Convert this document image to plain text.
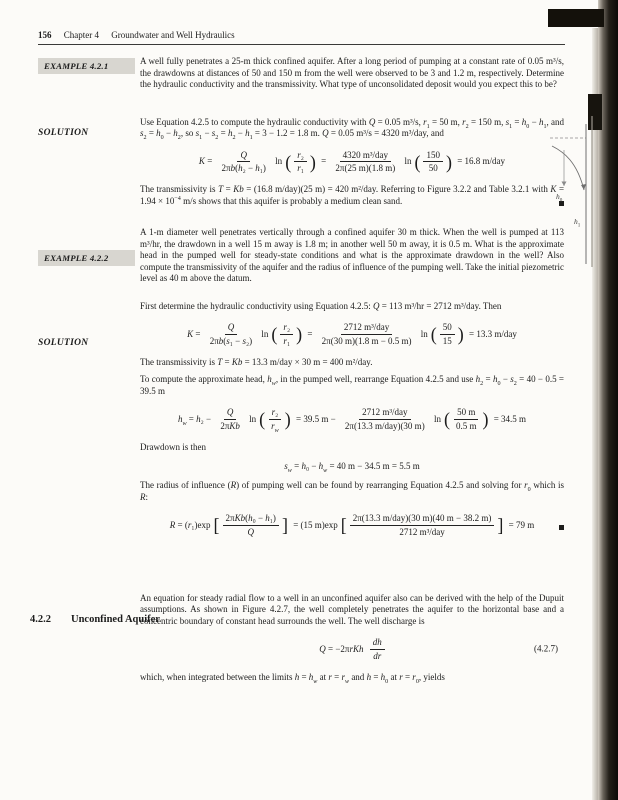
156 Chapter 4 Groundwater and Well Hydraulics
EXAMPLE 4.2.1
SOLUTION
EXAMPLE 4.2.2
SOLUTION
4.2.2 Unconfined Aquifer

A well fully penetrates a 25-m thick confined aquifer. After a long period of pumping at a constant rate of 0.05 m³/s, the drawdowns at distances of 50 and 150 m from the well were observed to be 3 and 1.2 m, respectively. Determine the hydraulic conductivity and the transmissivity. What type of unconsolidated deposit would you expect this to be?

Use Equation 4.2.5 to compute the hydraulic conductivity with Q = 0.05 m³/s, $r_1 = 50$ m, $r_2 = 150$ m, $s_1 = h_0 - h_1$, and $s_2 = h_0 - h_2$, so $s_1 - s_2 = h_2 - h_1 = 3 - 1.2 = 1.8$ m. Q = 0.05 m³/s = 4320 m³/day, and

$K = \frac{Q}{\text{2πb(h₂ − h₁)}}$ ln ( $\frac{\text{r₂}}{\text{r₁}}$ ) = $\frac{\text{4320 m³/day}}{2\pi(25 m)(1.8 m)}$ ln ( $\frac{150}{50}$ ) = 16.8 m/day

The transmissivity is T = Kb = (16.8 m/day)(25 m) = 420 m²/day. Referring to Figure 3.2.2 and Table 3.2.1 with $K = 1.94 \times 10^{-4}$ m/s shows that this aquifer is probably a medium clean sand.

A 1-m diameter well penetrates vertically through a confined aquifer 30 m thick. When the well is pumped at 113 m³/hr, the drawdown in a well 15 m away is 1.8 m; in another well 50 m away, it is 0.5 m. What is the approximate head in the pumped well for steady-state conditions and what is the approximate drawdown in the well? Also compute the transmissivity of the aquifer and the radius of influence of the pumping well. Take the initial piezometric level as 40 m above the datum.

First determine the hydraulic conductivity using Equation 4.2.5: Q = 113 m³/hr = 2712 m³/day. Then

$K = \frac{Q}{\text{2πb(s₁ − s₂)}}$ ln ( $\frac{\text{r₂}}{\text{r₁}}$ ) = $\frac{\text{2712 m³/day}}{2\pi(30 m)(1.8 m - 0.5 m)}$ ln ( $\frac{50}{15}$ ) = 13.3 m/day

The transmissivity is T = Kb = 13.3 m/day × 30 m = 400 m²/day.

To compute the approximate head, $h_w$, in the pumped well, rearrange Equation 4.2.5 and use $h_2 = h_0 - s_2 = 40 - 0.5 = 39.5$ m

$h_w = h_2 - \frac{Q}{\text{2πKb}}$ ln ( $\frac{\text{r₂}}{r_w}$ ) = 39.5 $m - \frac{\text{2712 m³/day}}{\text{2π(13.3 m/day)(30 m)}}$ ln ( $\frac{50 m}{0.5 m}$ ) = 34.5 m

Drawdown is then

$s_w = h_0 - h_w = 40$ m − 34.5 m = 5.5 m

The radius of influence (R) of pumping well can be found by rearranging Equation 4.2.5 and solving for $r_0$ which is R:

R = (r₁)exp [ $\frac{\text{2πKb(h₀ − h₁)}}{Q}$ ] = (15 m)exp [ $\frac{\text{2π(13.3 m/day)(30 m)(40 m − 38.2 m)}}{\text{2712 m³/day}}$ ] = 79 m

An equation for steady radial flow to a well in an unconfined aquifer also can be derived with the help of the Dupuit assumptions. As shown in Figure 4.2.7, the well completely penetrates the aquifer to the horizontal base and a concentric boundary of constant head surrounds the well. The well discharge is

$Q = -2\pi rKh \frac{dh}{dr}$	(4.2.7)

which, when integrated between the limits $h = h_w$ at $r = r_w$ and $h = h_0$ at $r = r_0$, yields

$h_0$
$h_1$
